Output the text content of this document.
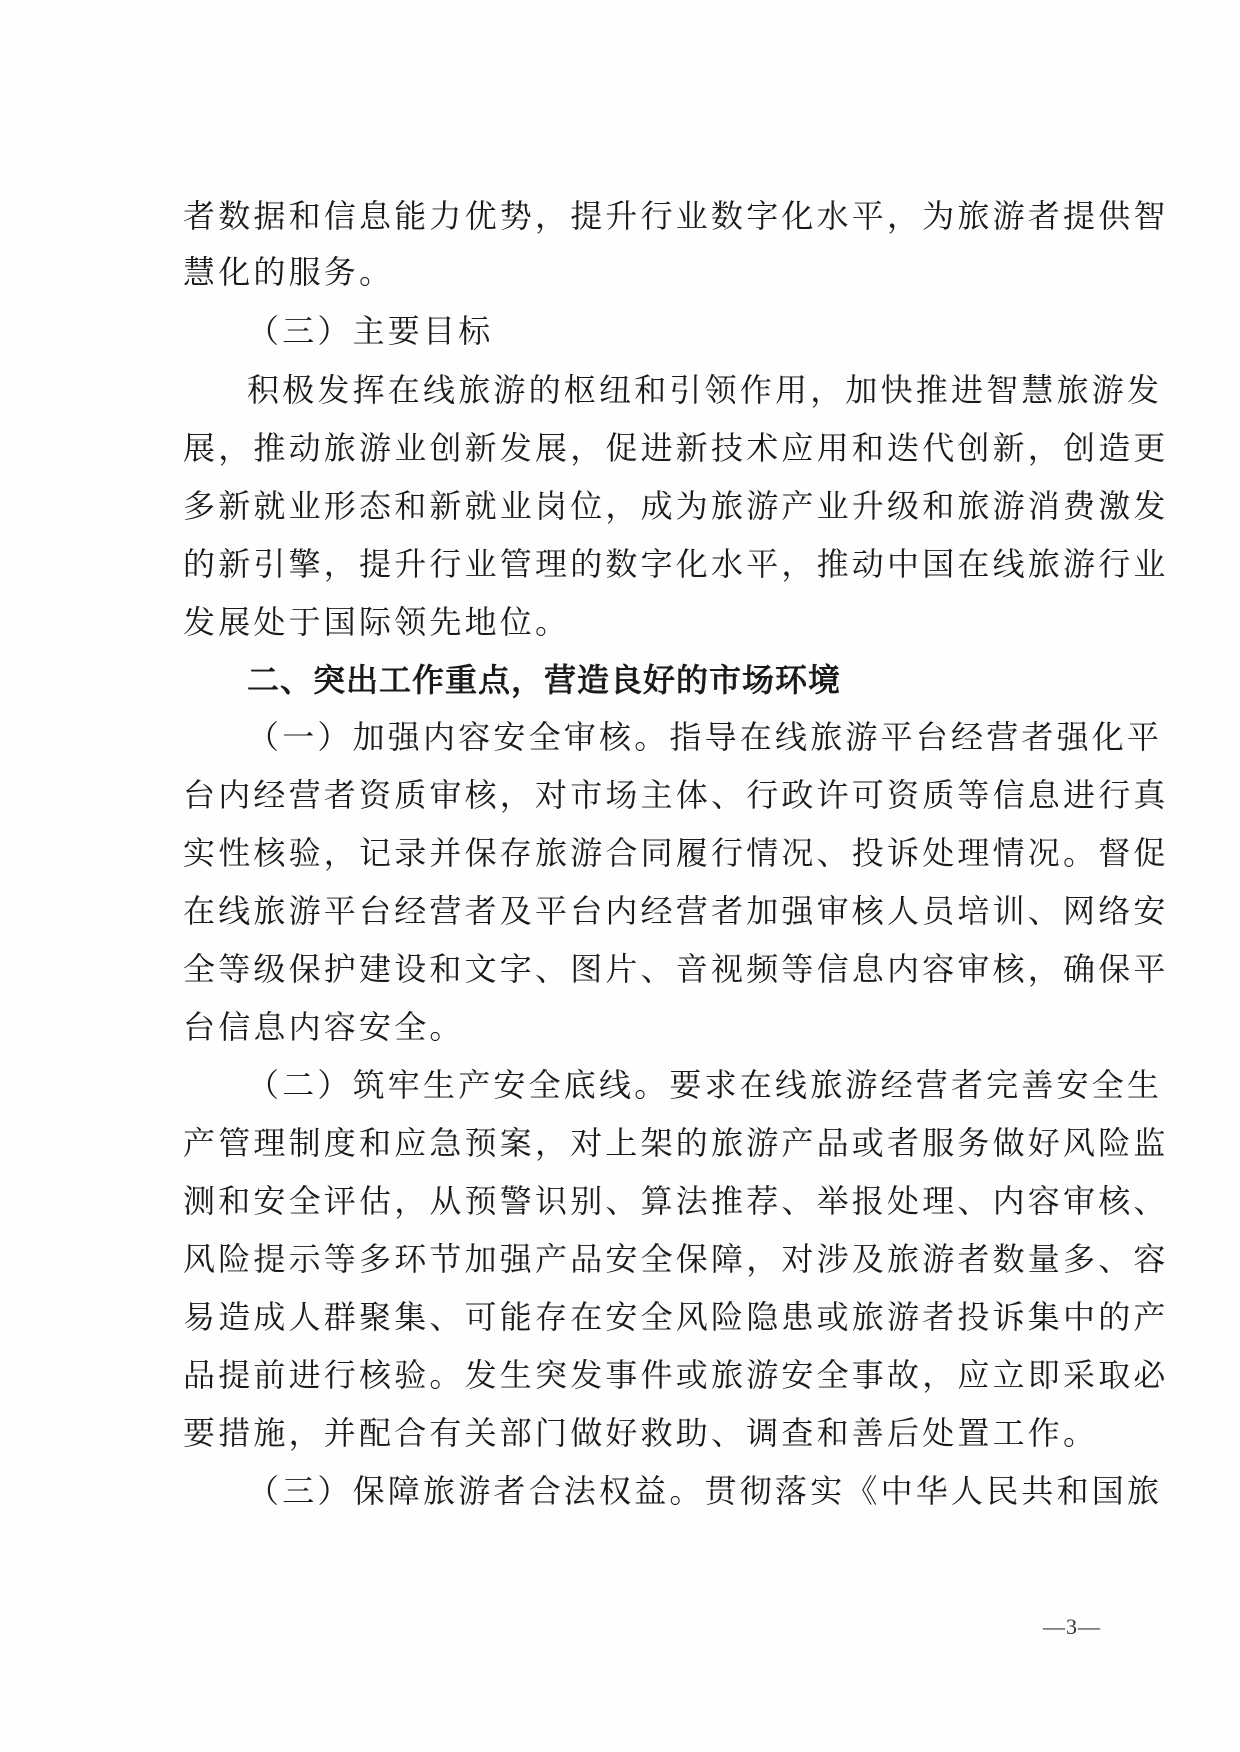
者数据和信息能力优势，提升行业数字化水平，为旅游者提供智
慧化的服务。
（三）主要目标
积极发挥在线旅游的枢纽和引领作用，加快推进智慧旅游发
展，推动旅游业创新发展，促进新技术应用和迭代创新，创造更
多新就业形态和新就业岗位，成为旅游产业升级和旅游消费激发
的新引擎，提升行业管理的数字化水平，推动中国在线旅游行业
发展处于国际领先地位。
二、突出工作重点，营造良好的市场环境
（一）加强内容安全审核。指导在线旅游平台经营者强化平
台内经营者资质审核，对市场主体、行政许可资质等信息进行真
实性核验，记录并保存旅游合同履行情况、投诉处理情况。督促
在线旅游平台经营者及平台内经营者加强审核人员培训、网络安
全等级保护建设和文字、图片、音视频等信息内容审核，确保平
台信息内容安全。
（二）筑牢生产安全底线。要求在线旅游经营者完善安全生
产管理制度和应急预案，对上架的旅游产品或者服务做好风险监
测和安全评估，从预警识别、算法推荐、举报处理、内容审核、
风险提示等多环节加强产品安全保障，对涉及旅游者数量多、容
易造成人群聚集、可能存在安全风险隐患或旅游者投诉集中的产
品提前进行核验。发生突发事件或旅游安全事故，应立即采取必
要措施，并配合有关部门做好救助、调查和善后处置工作。
（三）保障旅游者合法权益。贯彻落实《中华人民共和国旅
—3—
